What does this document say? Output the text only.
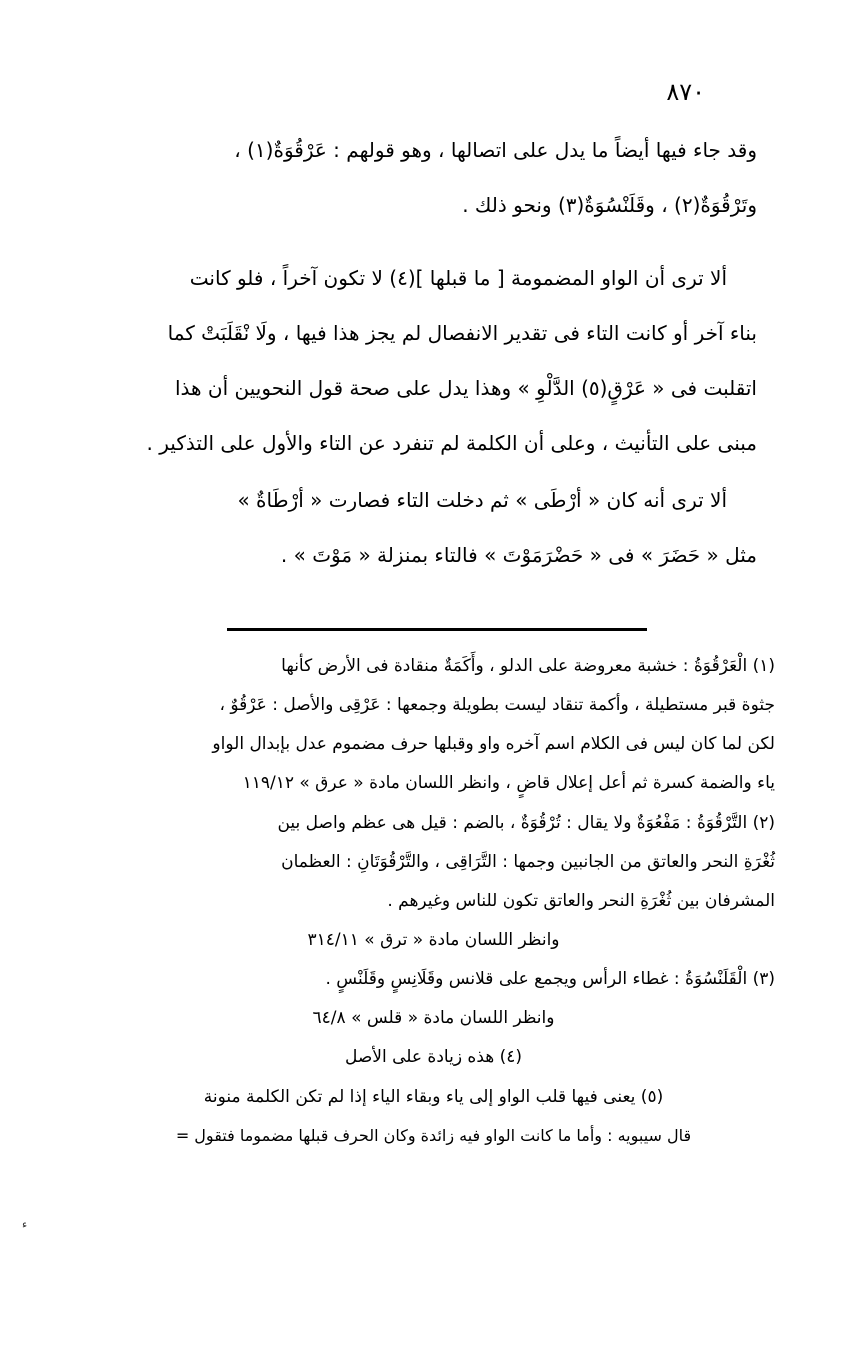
٨٧٠

وقد جاء فيها أيضاً ما يدل على اتصالها ، وهو قولهم : عَرْقُوَةٌ(١) ،

وتَرْقُوَةٌ(٢) ، وقَلَنْسُوَةٌ(٣) ونحو ذلك .

ألا ترى أن الواو المضمومة [ ما قبلها ](٤) لا تكون آخراً ، فلو كانت

بناء آخر أو كانت التاء فى تقدير الانفصال لم يجز هذا فيها ، ولَا نْقَلَبَتْ كما

اتقلبت فى « عَرْقٍ(٥) الدَّلْوِ » وهذا يدل على صحة قول النحويين أن هذا

مبنى على التأنيث ، وعلى أن الكلمة لم تنفرد عن التاء والأول على التذكير .

ألا ترى أنه كان « أرْطَى » ثم دخلت التاء فصارت « أرْطَاةٌ »

مثل « حَضَرَ » فى « حَضْرَمَوْتَ » فالتاء بمنزلة « مَوْتَ » .

(١) الْعَرْقُوَةُ : خشبة معروضة على الدلو ، وأَكَمَةٌ منقادة فى الأرض كأنها

جثوة قبر مستطيلة ، وأكمة تنقاد ليست بطويلة وجمعها : عَرْقِى والأصل : عَرْقُوٌ ،

لكن لما كان ليس فى الكلام اسم آخره واو وقبلها حرف مضموم عدل بإبدال الواو

ياء والضمة كسرة ثم أعل إعلال قاضٍ ، وانظر اللسان مادة « عرق » ١١٩/١٢

(٢) التَّرْقُوَةُ : مَفْعُوَةٌ ولا يقال : تُرْقُوَةٌ ، بالضم : قيل هى عظم واصل بين

ثُغْرَةِ النحر والعاتق من الجانبين وجمها : التَّرَاقِى ، والتَّرْقُوَتَانِ : العظمان

المشرفان بين ثُغْرَةِ النحر والعاتق تكون للناس وغيرهم .

وانظر اللسان مادة « ترق » ٣١٤/١١

(٣) الْقَلَنْسُوَةُ : غطاء الرأس ويجمع على قلانس وقَلَانِسٍ وقَلَنْسٍ .

وانظر اللسان مادة « قلس » ٦٤/٨

(٤) هذه زيادة على الأصل

(٥) يعنى فيها قلب الواو إلى ياء وبقاء الياء إذا لم تكن الكلمة منونة

قال سيبويه : وأما ما كانت الواو فيه زائدة وكان الحرف قبلها مضموما فتقول =

ء
